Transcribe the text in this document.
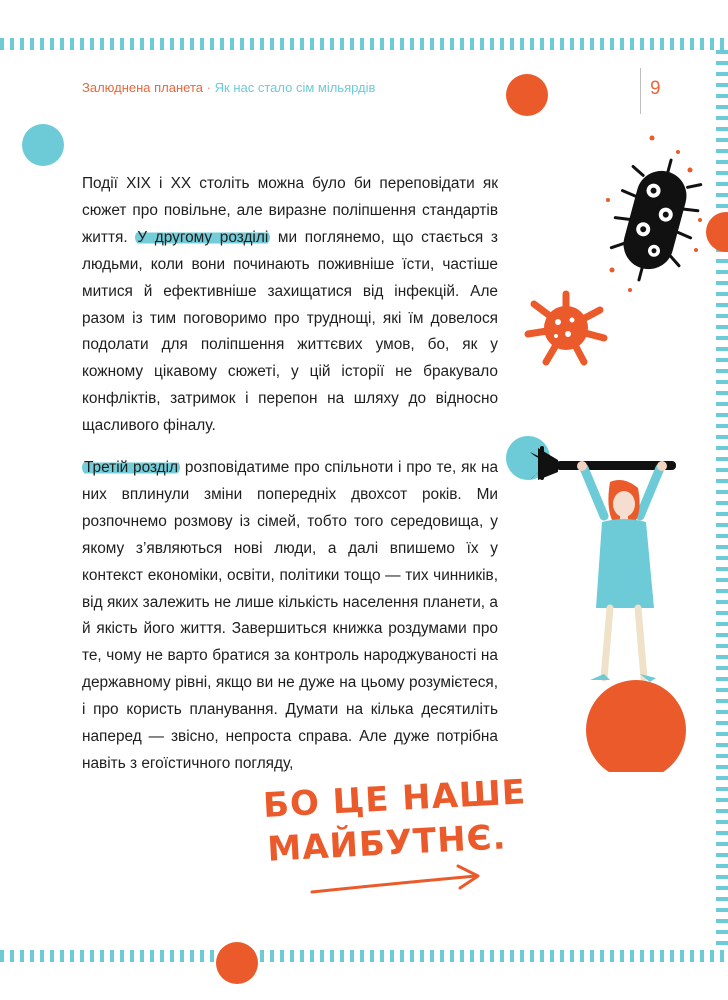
Залюднена планета · Як нас стало сім мільярдів	9

Події XIX і XX століть можна було би переповідати як сюжет про повільне, але виразне поліпшення стандартів життя. У другому розділі ми поглянемо, що стається з людьми, коли вони починають поживніше їсти, частіше митися й ефективніше захищатися від інфекцій. Але разом із тим поговоримо про труднощі, які їм довелося подолати для поліпшення життєвих умов, бо, як у кожному цікавому сюжеті, у цій історії не бракувало конфліктів, затримок і перепон на шляху до відносно щасливого фіналу.

Третій розділ розповідатиме про спільноти і про те, як на них вплинули зміни попередніх двохсот років. Ми розпочнемо розмову із сімей, тобто того середовища, у якому з’являються нові люди, а далі впишемо їх у контекст економіки, освіти, політики тощо — тих чинників, від яких залежить не лише кількість населення планети, а й якість його життя. Завершиться книжка роздумами про те, чому не варто братися за контроль народжуваності на державному рівні, якщо ви не дуже на цьому розумієтеся, і про користь планування. Думати на кілька десятиліть наперед — звісно, непроста справа. Але дуже потрібна навіть з егоїстичного погляду,

БО ЦЕ НАШЕ
МАЙБУТНЄ.
